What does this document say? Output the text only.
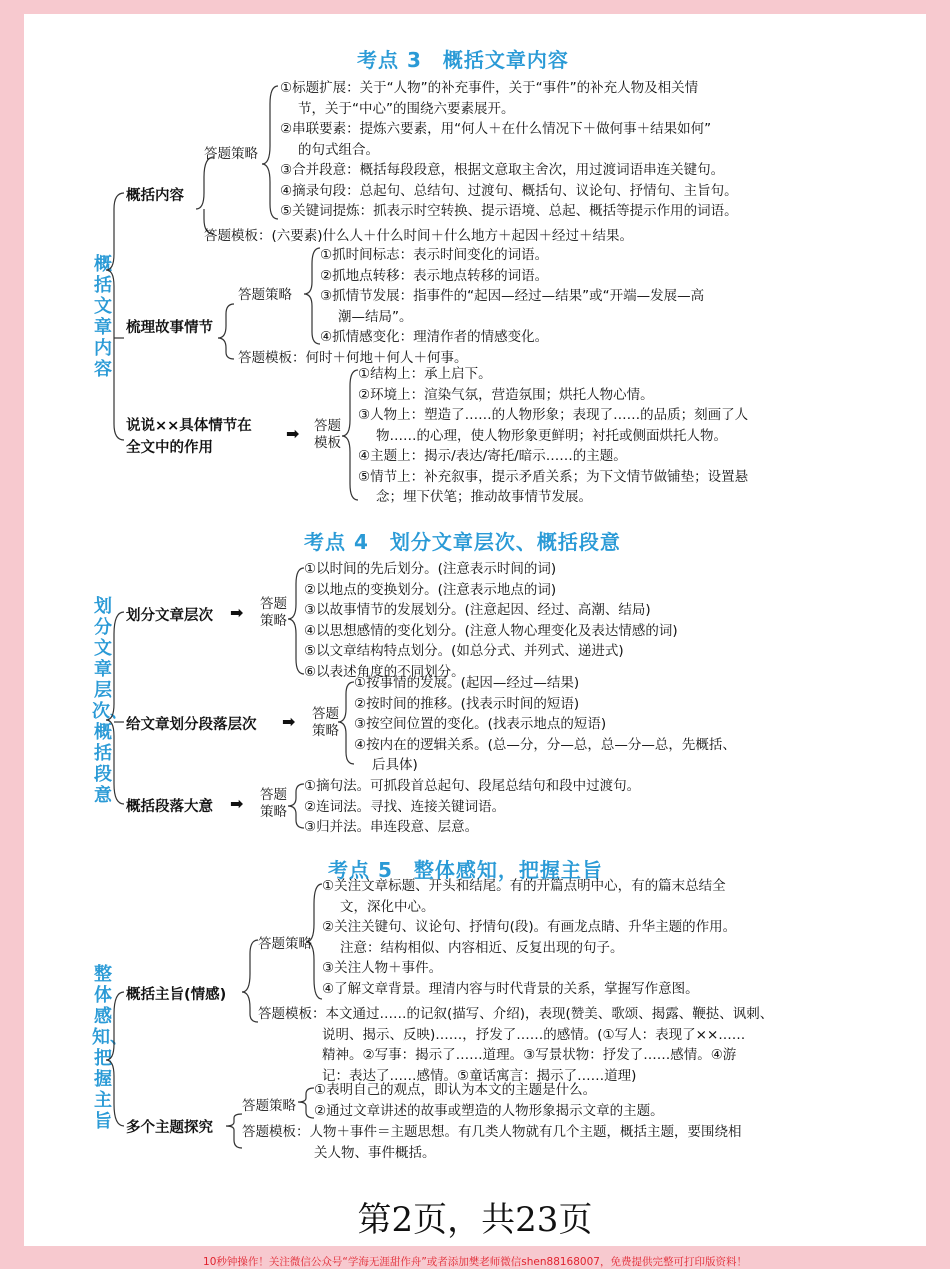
考点 3　概括文章内容
概括文章内容
概括内容
答题策略
①标题扩展：关于“人物”的补充事件，关于“事件”的补充人物及相关情
节，关于“中心”的围绕六要素展开。
②串联要素：提炼六要素，用“何人＋在什么情况下＋做何事＋结果如何”
的句式组合。
③合并段意：概括每段段意，根据文意取主舍次，用过渡词语串连关键句。
④摘录句段：总起句、总结句、过渡句、概括句、议论句、抒情句、主旨句。
⑤关键词提炼：抓表示时空转换、提示语境、总起、概括等提示作用的词语。
答题模板：(六要素)什么人＋什么时间＋什么地方＋起因＋经过＋结果。
梳理故事情节
答题策略
①抓时间标志：表示时间变化的词语。
②抓地点转移：表示地点转移的词语。
③抓情节发展：指事件的“起因—经过—结果”或“开端—发展—高
潮—结局”。
④抓情感变化：理清作者的情感变化。
答题模板：何时＋何地＋何人＋何事。
说说××具体情节在
全文中的作用
➡ 答题
模板
①结构上：承上启下。
②环境上：渲染气氛，营造氛围；烘托人物心情。
③人物上：塑造了……的人物形象；表现了……的品质；刻画了人
物……的心理，使人物形象更鲜明；衬托或侧面烘托人物。
④主题上：揭示/表达/寄托/暗示……的主题。
⑤情节上：补充叙事，提示矛盾关系；为下文情节做铺垫；设置悬
念；埋下伏笔；推动故事情节发展。
考点 4　划分文章层次、概括段意
划分文章层次、概括段意
划分文章层次 ➡ 答题
策略
①以时间的先后划分。(注意表示时间的词)
②以地点的变换划分。(注意表示地点的词)
③以故事情节的发展划分。(注意起因、经过、高潮、结局)
④以思想感情的变化划分。(注意人物心理变化及表达情感的词)
⑤以文章结构特点划分。(如总分式、并列式、递进式)
⑥以表述角度的不同划分。
给文章划分段落层次 ➡ 答题
策略
①按事情的发展。(起因—经过—结果)
②按时间的推移。(找表示时间的短语)
③按空间位置的变化。(找表示地点的短语)
④按内在的逻辑关系。(总—分，分—总，总—分—总，先概括、
后具体)
概括段落大意 ➡ 答题
策略
①摘句法。可抓段首总起句、段尾总结句和段中过渡句。
②连词法。寻找、连接关键词语。
③归并法。串连段意、层意。
考点 5　整体感知，把握主旨
整体感知、把握主旨
概括主旨(情感)
答题策略
①关注文章标题、开头和结尾。有的开篇点明中心，有的篇末总结全
文，深化中心。
②关注关键句、议论句、抒情句(段)。有画龙点睛、升华主题的作用。
注意：结构相似、内容相近、反复出现的句子。
③关注人物＋事件。
④了解文章背景。理清内容与时代背景的关系，掌握写作意图。
答题模板：本文通过……的记叙(描写、介绍)，表现(赞美、歌颂、揭露、鞭挞、讽刺、
说明、揭示、反映)……，抒发了……的感情。(①写人：表现了××……
精神。②写事：揭示了……道理。③写景状物：抒发了……感情。④游
记：表达了……感情。⑤童话寓言：揭示了……道理)
多个主题探究
答题策略
①表明自己的观点，即认为本文的主题是什么。
②通过文章讲述的故事或塑造的人物形象揭示文章的主题。
答题模板：人物＋事件＝主题思想。有几类人物就有几个主题，概括主题，要围绕相
关人物、事件概括。
第2页，共23页
10秒钟操作！关注微信公众号“学海无涯甜作舟”或者添加樊老师微信shen88168007，免费提供完整可打印版资料！
